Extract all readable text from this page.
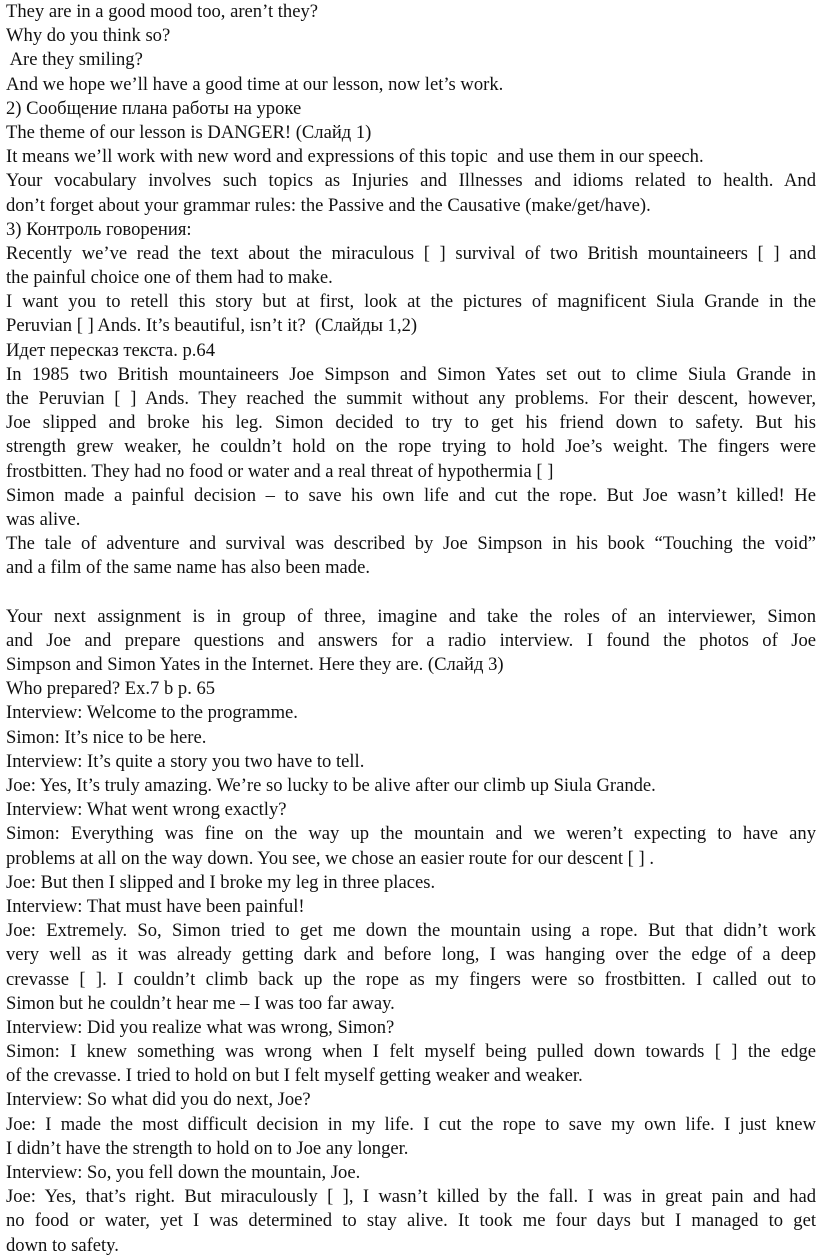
They are in a good mood too, aren’t they?
Why do you think so?
Are they smiling?
And we hope we’ll have a good time at our lesson, now let’s work.
2) Сообщение плана работы на уроке
The theme of our lesson is DANGER! (Слайд 1)
It means we’ll work with new word and expressions of this topic  and use them in our speech.
Your vocabulary involves such topics as Injuries and Illnesses and idioms related to health. And
don’t forget about your grammar rules: the Passive and the Causative (make/get/have).
3) Контроль говорения:
Recently we’ve read the text about the miraculous [ ] survival of two British mountaineers [ ] and
the painful choice one of them had to make.
I want you to retell this story but at first, look at the pictures of magnificent Siula Grande in the
Peruvian [ ] Ands. It’s beautiful, isn’t it?  (Слайды 1,2)
Идет пересказ текста. p.64
In 1985 two British mountaineers Joe Simpson and Simon Yates set out to clime Siula Grande in
the Peruvian [ ] Ands. They reached the summit without any problems. For their descent, however,
Joe slipped and broke his leg. Simon decided to try to get his friend down to safety. But his
strength grew weaker, he couldn’t hold on the rope trying to hold Joe’s weight. The fingers were
frostbitten. They had no food or water and a real threat of hypothermia [ ]
Simon made a painful decision – to save his own life and cut the rope. But Joe wasn’t killed! He
was alive.
The tale of adventure and survival was described by Joe Simpson in his book “Touching the void”
and a film of the same name has also been made.
Your next assignment is in group of three, imagine and take the roles of an interviewer, Simon
and Joe and prepare questions and answers for a radio interview. I found the photos of Joe
Simpson and Simon Yates in the Internet. Here they are. (Слайд 3)
Who prepared? Ex.7 b p. 65
Interview: Welcome to the programme.
Simon: It’s nice to be here.
Interview: It’s quite a story you two have to tell.
Joe: Yes, It’s truly amazing. We’re so lucky to be alive after our climb up Siula Grande.
Interview: What went wrong exactly?
Simon: Everything was fine on the way up the mountain and we weren’t expecting to have any
problems at all on the way down. You see, we chose an easier route for our descent [ ] .
Joe: But then I slipped and I broke my leg in three places.
Interview: That must have been painful!
Joe: Extremely. So, Simon tried to get me down the mountain using a rope. But that didn’t work
very well as it was already getting dark and before long, I was hanging over the edge of a deep
crevasse [ ]. I couldn’t climb back up the rope as my fingers were so frostbitten. I called out to
Simon but he couldn’t hear me – I was too far away.
Interview: Did you realize what was wrong, Simon?
Simon: I knew something was wrong when I felt myself being pulled down towards [ ] the edge
of the crevasse. I tried to hold on but I felt myself getting weaker and weaker.
Interview: So what did you do next, Joe?
Joe: I made the most difficult decision in my life. I cut the rope to save my own life. I just knew
I didn’t have the strength to hold on to Joe any longer.
Interview: So, you fell down the mountain, Joe.
Joe: Yes, that’s right. But miraculously [ ], I wasn’t killed by the fall. I was in great pain and had
no food or water, yet I was determined to stay alive. It took me four days but I managed to get
down to safety.
